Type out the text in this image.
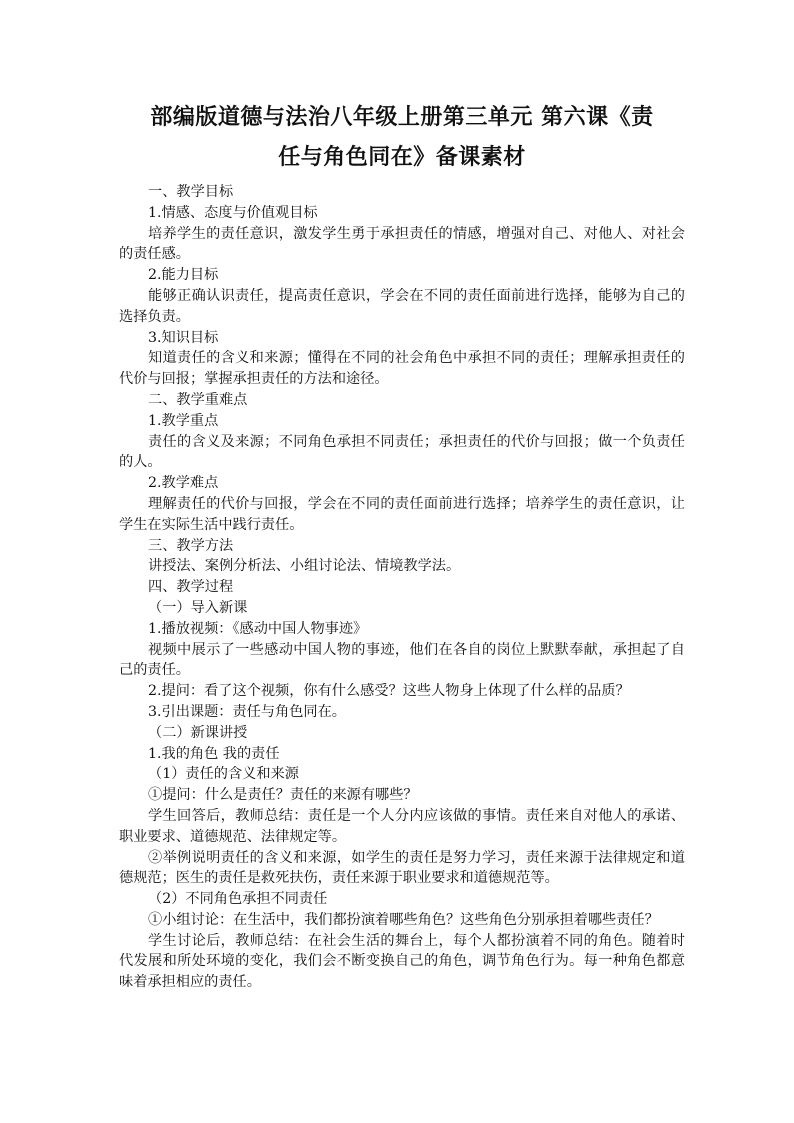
部编版道德与法治八年级上册第三单元 第六课《责
任与角色同在》备课素材

一、教学目标

1.情感、态度与价值观目标

培养学生的责任意识，激发学生勇于承担责任的情感，增强对自己、对他人、对社会的责任感。

2.能力目标

能够正确认识责任，提高责任意识，学会在不同的责任面前进行选择，能够为自己的选择负责。

3.知识目标

知道责任的含义和来源；懂得在不同的社会角色中承担不同的责任；理解承担责任的代价与回报；掌握承担责任的方法和途径。

二、教学重难点

1.教学重点

责任的含义及来源；不同角色承担不同责任；承担责任的代价与回报；做一个负责任的人。

2.教学难点

理解责任的代价与回报，学会在不同的责任面前进行选择；培养学生的责任意识，让学生在实际生活中践行责任。

三、教学方法

讲授法、案例分析法、小组讨论法、情境教学法。

四、教学过程

（一）导入新课

1.播放视频：《感动中国人物事迹》

视频中展示了一些感动中国人物的事迹，他们在各自的岗位上默默奉献，承担起了自己的责任。

2.提问：看了这个视频，你有什么感受？这些人物身上体现了什么样的品质？

3.引出课题：责任与角色同在。

（二）新课讲授

1.我的角色 我的责任

（1）责任的含义和来源

①提问：什么是责任？责任的来源有哪些？

学生回答后，教师总结：责任是一个人分内应该做的事情。责任来自对他人的承诺、职业要求、道德规范、法律规定等。

②举例说明责任的含义和来源，如学生的责任是努力学习，责任来源于法律规定和道德规范；医生的责任是救死扶伤，责任来源于职业要求和道德规范等。

（2）不同角色承担不同责任

①小组讨论：在生活中，我们都扮演着哪些角色？这些角色分别承担着哪些责任？

学生讨论后，教师总结：在社会生活的舞台上，每个人都扮演着不同的角色。随着时代发展和所处环境的变化，我们会不断变换自己的角色，调节角色行为。每一种角色都意味着承担相应的责任。
